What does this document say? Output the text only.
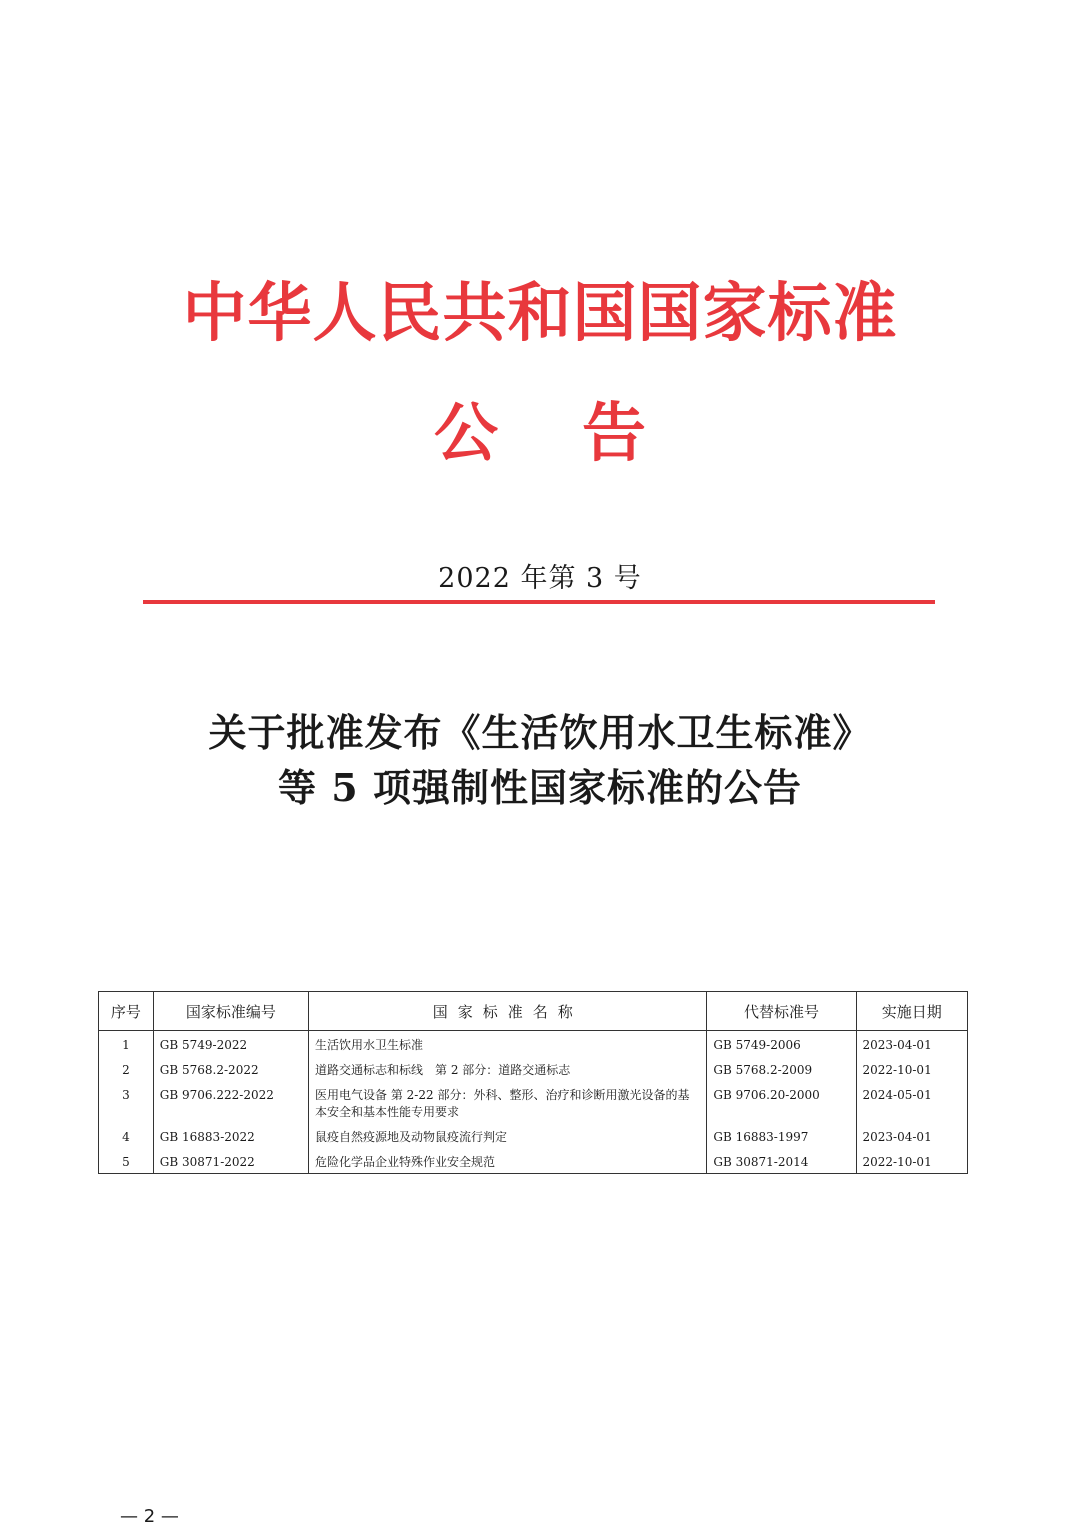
中华人民共和国国家标准
公告
2022 年第 3 号
关于批准发布《生活饮用水卫生标准》
等 5 项强制性国家标准的公告
序号	国家标准编号	国家标准名称	代替标准号	实施日期
1	GB 5749-2022	生活饮用水卫生标准	GB 5749-2006	2023-04-01
2	GB 5768.2-2022	道路交通标志和标线　第 2 部分：道路交通标志	GB 5768.2-2009	2022-10-01
3	GB 9706.222-2022	医用电气设备 第 2-22 部分：外科、整形、治疗和诊断用激光设备的基本安全和基本性能专用要求	GB 9706.20-2000	2024-05-01
4	GB 16883-2022	鼠疫自然疫源地及动物鼠疫流行判定	GB 16883-1997	2023-04-01
5	GB 30871-2022	危险化学品企业特殊作业安全规范	GB 30871-2014	2022-10-01
— 2 —
